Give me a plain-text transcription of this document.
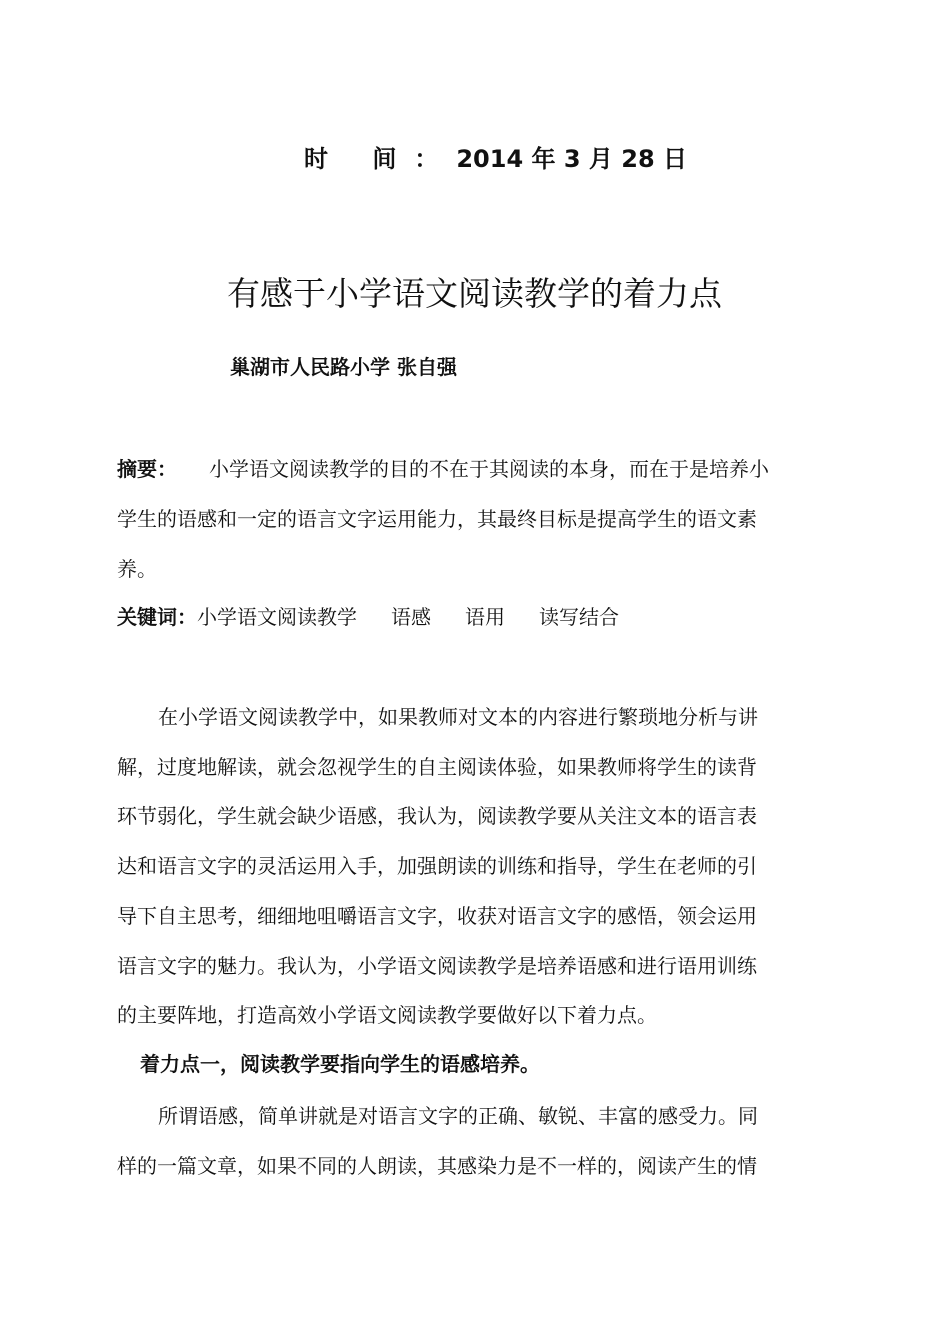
时 间：2014 年 3 月 28 日
有感于小学语文阅读教学的着力点
巢湖市人民路小学 张自强
摘要： 小学语文阅读教学的目的不在于其阅读的本身，而在于是培养小
学生的语感和一定的语言文字运用能力，其最终目标是提高学生的语文素
养。
关键词：小学语文阅读教学 语感 语用 读写结合
在小学语文阅读教学中，如果教师对文本的内容进行繁琐地分析与讲
解，过度地解读，就会忽视学生的自主阅读体验，如果教师将学生的读背
环节弱化，学生就会缺少语感，我认为，阅读教学要从关注文本的语言表
达和语言文字的灵活运用入手，加强朗读的训练和指导，学生在老师的引
导下自主思考，细细地咀嚼语言文字，收获对语言文字的感悟，领会运用
语言文字的魅力。我认为，小学语文阅读教学是培养语感和进行语用训练
的主要阵地，打造高效小学语文阅读教学要做好以下着力点。
着力点一，阅读教学要指向学生的语感培养。
所谓语感，简单讲就是对语言文字的正确、敏锐、丰富的感受力。同
样的一篇文章，如果不同的人朗读，其感染力是不一样的，阅读产生的情
